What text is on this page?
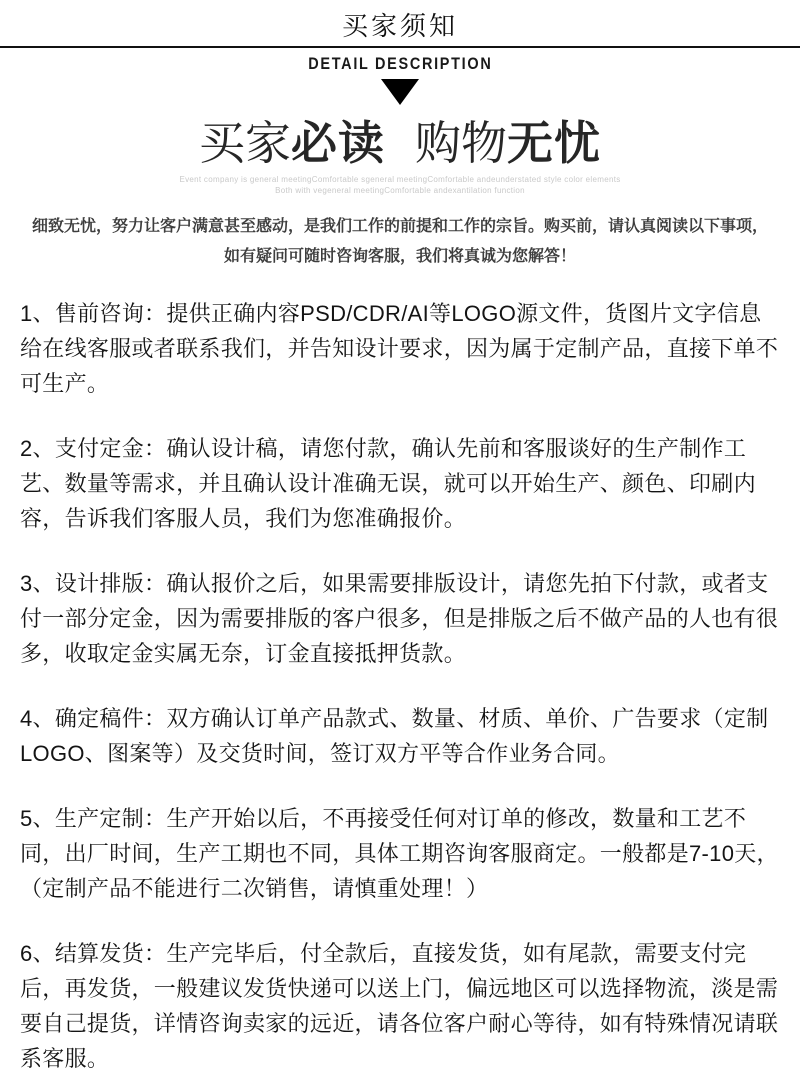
买家须知
DETAIL DESCRIPTION
买家必读 购物无忧
Event company is general meetingComfortable sgeneral meetingComfortable andeunderstated style color elements
Both with vegeneral meetingComfortable andexantilation function
细致无忧，努力让客户满意甚至感动，是我们工作的前提和工作的宗旨。购买前，请认真阅读以下事项，
如有疑问可随时咨询客服，我们将真诚为您解答！

1、售前咨询：提供正确内容PSD/CDR/AI等LOGO源文件，货图片文字信息给在线客服或者联系我们，并告知设计要求，因为属于定制产品，直接下单不可生产。

2、支付定金：确认设计稿，请您付款，确认先前和客服谈好的生产制作工艺、数量等需求，并且确认设计准确无误，就可以开始生产、颜色、印刷内容，告诉我们客服人员，我们为您准确报价。

3、设计排版：确认报价之后，如果需要排版设计，请您先拍下付款，或者支付一部分定金，因为需要排版的客户很多，但是排版之后不做产品的人也有很多，收取定金实属无奈，订金直接抵押货款。

4、确定稿件：双方确认订单产品款式、数量、材质、单价、广告要求（定制LOGO、图案等）及交货时间，签订双方平等合作业务合同。

5、生产定制：生产开始以后，不再接受任何对订单的修改，数量和工艺不同，出厂时间，生产工期也不同，具体工期咨询客服商定。一般都是7-10天，（定制产品不能进行二次销售，请慎重处理！）

6、结算发货：生产完毕后，付全款后，直接发货，如有尾款，需要支付完后，再发货，一般建议发货快递可以送上门，偏远地区可以选择物流，淡是需要自己提货，详情咨询卖家的远近，请各位客户耐心等待，如有特殊情况请联系客服。
